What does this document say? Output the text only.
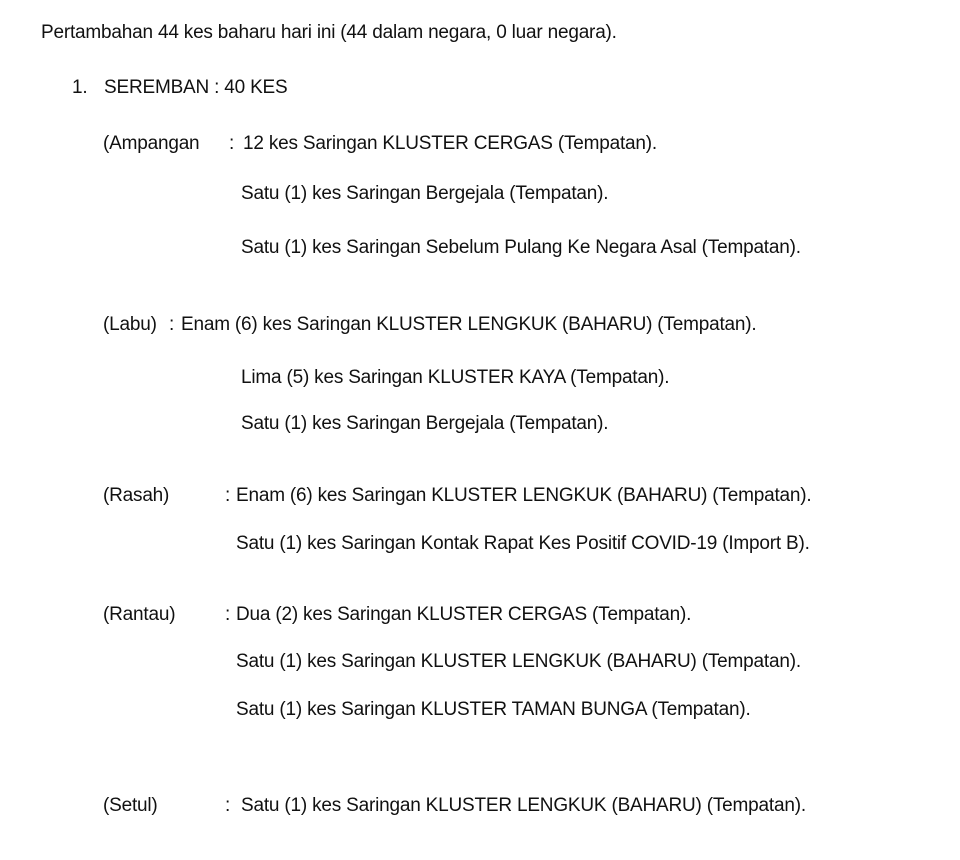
Pertambahan 44 kes baharu hari ini (44 dalam negara, 0 luar negara).
1. SEREMBAN : 40 KES
(Ampangan : 12 kes Saringan KLUSTER CERGAS (Tempatan).
Satu (1) kes Saringan Bergejala (Tempatan).
Satu (1) kes Saringan Sebelum Pulang Ke Negara Asal (Tempatan).
(Labu) : Enam (6) kes Saringan KLUSTER LENGKUK (BAHARU) (Tempatan).
Lima (5) kes Saringan KLUSTER KAYA (Tempatan).
Satu (1) kes Saringan Bergejala (Tempatan).
(Rasah)	: Enam (6) kes Saringan KLUSTER LENGKUK (BAHARU) (Tempatan).
Satu (1) kes Saringan Kontak Rapat Kes Positif COVID-19 (Import B).
(Rantau)	: Dua (2) kes Saringan KLUSTER CERGAS (Tempatan).
Satu (1) kes Saringan KLUSTER LENGKUK (BAHARU) (Tempatan).
Satu (1) kes Saringan KLUSTER TAMAN BUNGA (Tempatan).
(Setul)	: Satu (1) kes Saringan KLUSTER LENGKUK (BAHARU) (Tempatan).
